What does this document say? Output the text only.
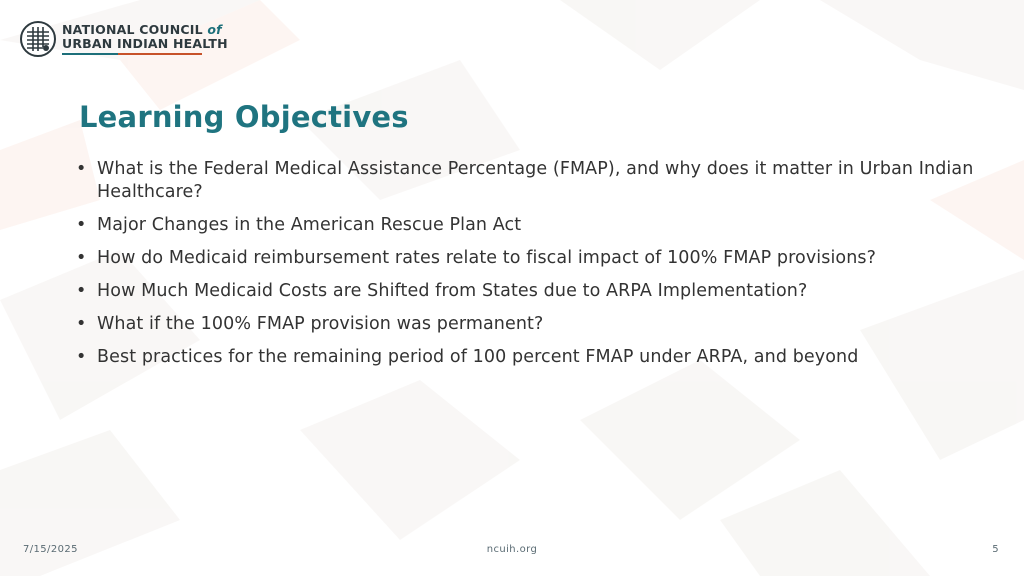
NATIONAL COUNCIL of
URBAN INDIAN HEALTH
Learning Objectives
• What is the Federal Medical Assistance Percentage (FMAP), and why does it matter in Urban Indian Healthcare?
• Major Changes in the American Rescue Plan Act
• How do Medicaid reimbursement rates relate to fiscal impact of 100% FMAP provisions?
• How Much Medicaid Costs are Shifted from States due to ARPA Implementation?
• What if the 100% FMAP provision was permanent?
• Best practices for the remaining period of 100 percent FMAP under ARPA, and beyond
7/15/2025	ncuih.org	5
